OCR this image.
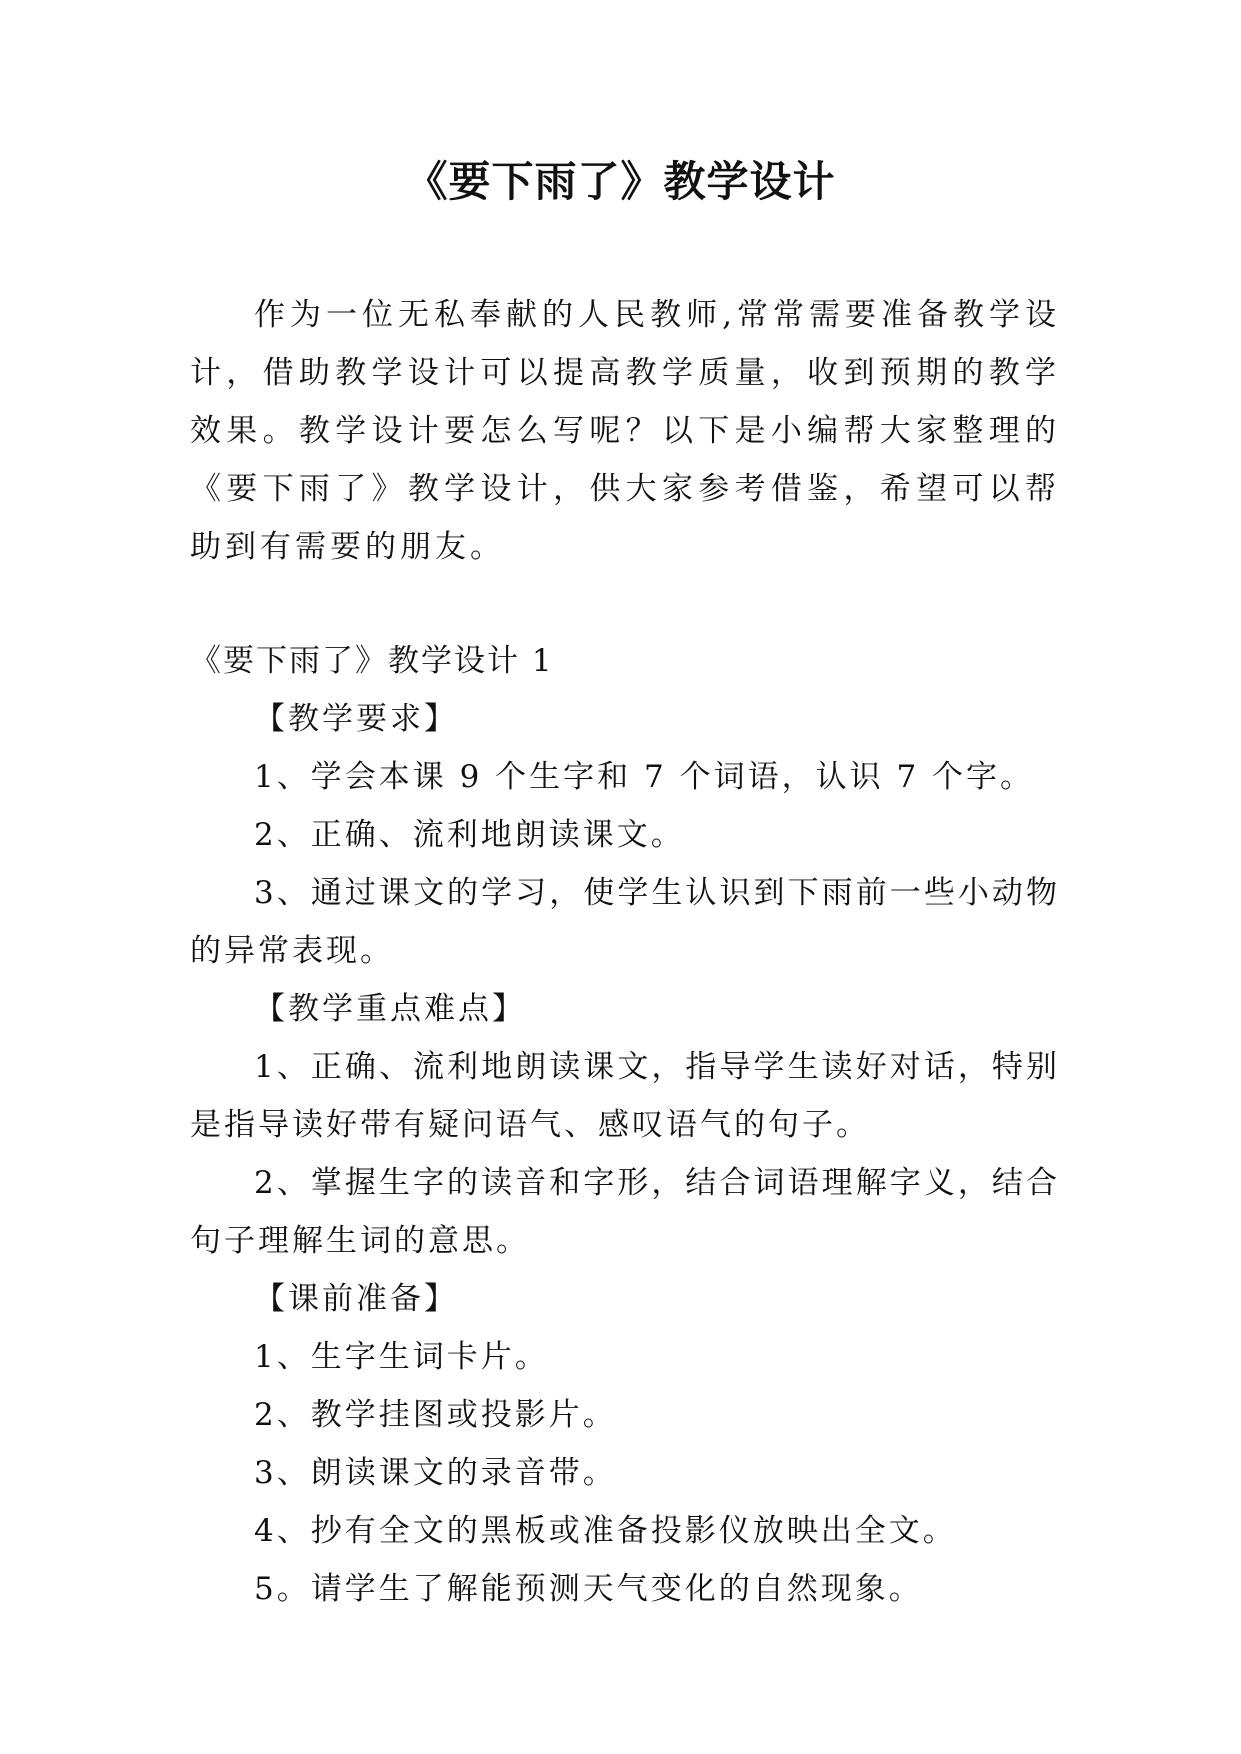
《要下雨了》教学设计

作为一位无私奉献的人民教师,常常需要准备教学设计，借助教学设计可以提高教学质量，收到预期的教学效果。教学设计要怎么写呢？以下是小编帮大家整理的《要下雨了》教学设计，供大家参考借鉴，希望可以帮助到有需要的朋友。

《要下雨了》教学设计 1

【教学要求】

1、学会本课 9 个生字和 7 个词语，认识 7 个字。

2、正确、流利地朗读课文。

3、通过课文的学习，使学生认识到下雨前一些小动物的异常表现。

【教学重点难点】

1、正确、流利地朗读课文，指导学生读好对话，特别是指导读好带有疑问语气、感叹语气的句子。

2、掌握生字的读音和字形，结合词语理解字义，结合句子理解生词的意思。

【课前准备】

1、生字生词卡片。

2、教学挂图或投影片。

3、朗读课文的录音带。

4、抄有全文的黑板或准备投影仪放映出全文。

5。请学生了解能预测天气变化的自然现象。
